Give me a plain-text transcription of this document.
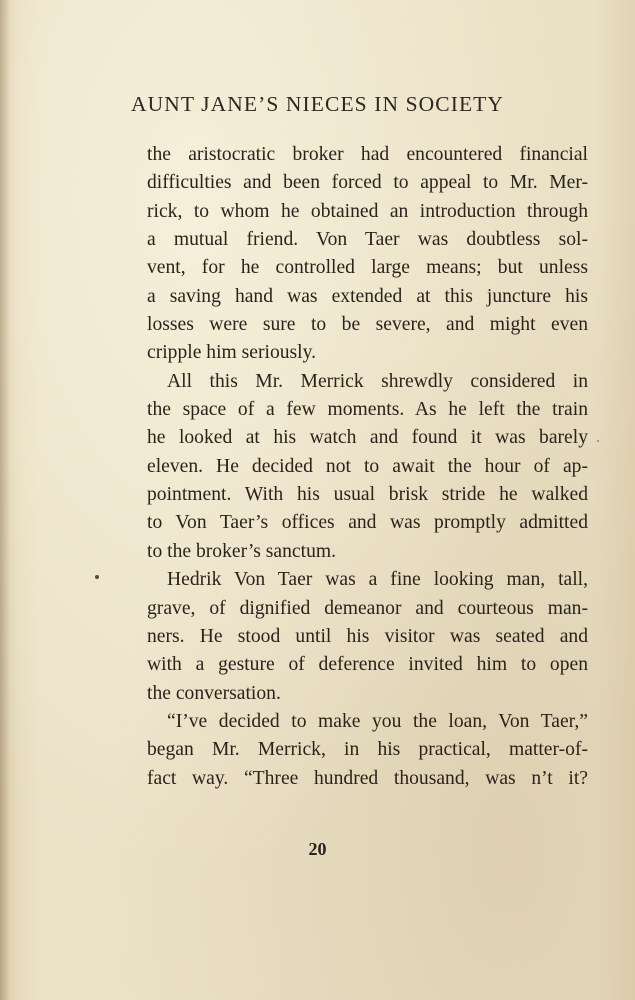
AUNT JANE’S NIECES IN SOCIETY
the aristocratic broker had encountered financial
difficulties and been forced to appeal to Mr. Mer-
rick, to whom he obtained an introduction through
a mutual friend. Von Taer was doubtless sol-
vent, for he controlled large means; but unless
a saving hand was extended at this juncture his
losses were sure to be severe, and might even
cripple him seriously.
All this Mr. Merrick shrewdly considered in
the space of a few moments. As he left the train
he looked at his watch and found it was barely
eleven. He decided not to await the hour of ap-
pointment. With his usual brisk stride he walked
to Von Taer’s offices and was promptly admitted
to the broker’s sanctum.
Hedrik Von Taer was a fine looking man, tall,
grave, of dignified demeanor and courteous man-
ners. He stood until his visitor was seated and
with a gesture of deference invited him to open
the conversation.
“I’ve decided to make you the loan, Von Taer,”
began Mr. Merrick, in his practical, matter-of-
fact way. “Three hundred thousand, was n’t it?
20
